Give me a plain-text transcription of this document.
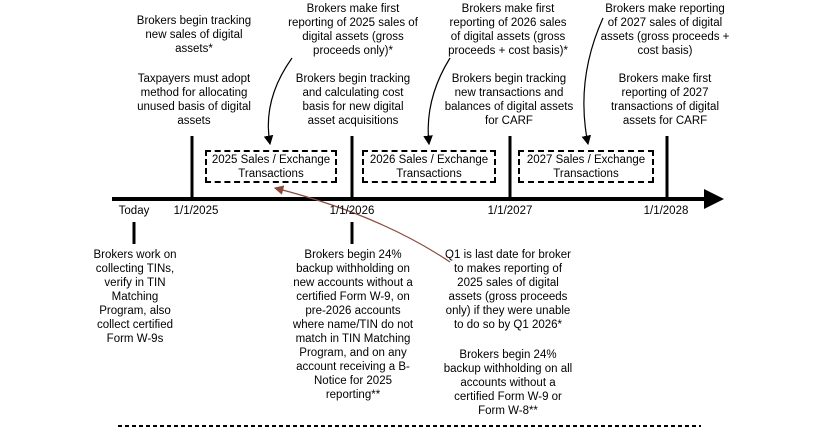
2025 Sales / Exchange
Transactions
2026 Sales / Exchange
Transactions
2027 Sales / Exchange
Transactions
Today	1/1/2025	1/1/2026	1/1/2027	1/1/2028
Brokers begin tracking
new sales of digital
assets*
Taxpayers must adopt
method for allocating
unused basis of digital
assets
Brokers make first
reporting of 2025 sales of
digital assets (gross
proceeds only)*
Brokers begin tracking
and calculating cost
basis for new digital
asset acquisitions
Brokers make first
reporting of 2026 sales
of digital assets (gross
proceeds + cost basis)*
Brokers begin tracking
new transactions and
balances of digital assets
for CARF
Brokers make reporting
of 2027 sales of digital
assets (gross proceeds +
cost basis)
Brokers make first
reporting of 2027
transactions of digital
assets for CARF
Brokers work on
collecting TINs,
verify in TIN
Matching
Program, also
collect certified
Form W-9s
Brokers begin 24%
backup withholding on
new accounts without a
certified Form W-9, on
pre-2026 accounts
where name/TIN do not
match in TIN Matching
Program, and on any
account receiving a B-
Notice for 2025
reporting**
Q1 is last date for broker
to makes reporting of
2025 sales of digital
assets (gross proceeds
only) if they were unable
to do so by Q1 2026*
Brokers begin 24%
backup withholding on all
accounts without a
certified Form W-9 or
Form W-8**
